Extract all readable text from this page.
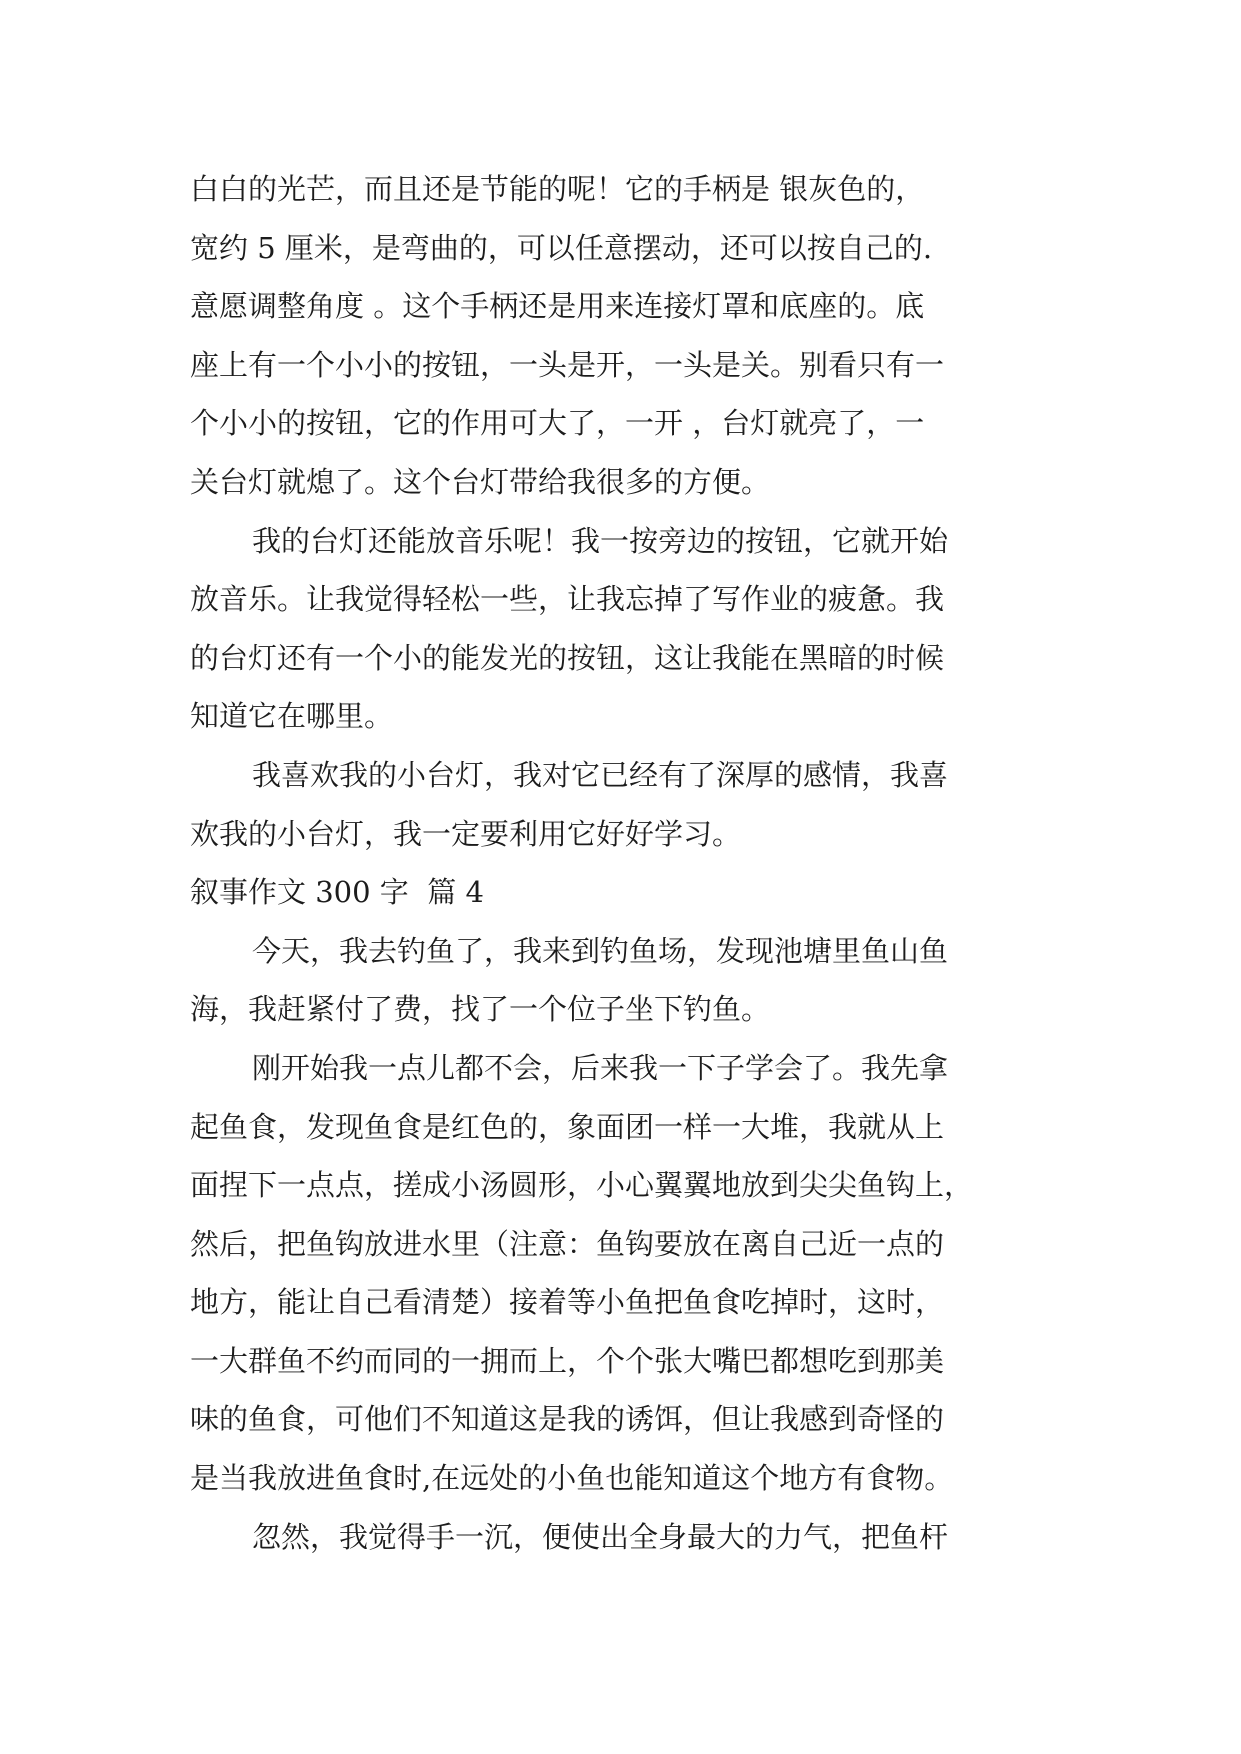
白白的光芒，而且还是节能的呢！它的手柄是 银灰色的，
宽约 5 厘米，是弯曲的，可以任意摆动，还可以按自己的.
意愿调整角度 。这个手柄还是用来连接灯罩和底座的。底
座上有一个小小的按钮，一头是开，一头是关。别看只有一
个小小的按钮，它的作用可大了，一开 ，台灯就亮了，一
关台灯就熄了。这个台灯带给我很多的方便。
我的台灯还能放音乐呢！我一按旁边的按钮，它就开始
放音乐。让我觉得轻松一些，让我忘掉了写作业的疲惫。我
的台灯还有一个小的能发光的按钮，这让我能在黑暗的时候
知道它在哪里。
我喜欢我的小台灯，我对它已经有了深厚的感情，我喜
欢我的小台灯，我一定要利用它好好学习。
叙事作文 300 字  篇 4
今天，我去钓鱼了，我来到钓鱼场，发现池塘里鱼山鱼
海，我赶紧付了费，找了一个位子坐下钓鱼。
刚开始我一点儿都不会，后来我一下子学会了。我先拿
起鱼食，发现鱼食是红色的，象面团一样一大堆，我就从上
面捏下一点点，搓成小汤圆形，小心翼翼地放到尖尖鱼钩上，
然后，把鱼钩放进水里（注意：鱼钩要放在离自己近一点的
地方，能让自己看清楚）接着等小鱼把鱼食吃掉时，这时，
一大群鱼不约而同的一拥而上，个个张大嘴巴都想吃到那美
味的鱼食，可他们不知道这是我的诱饵，但让我感到奇怪的
是当我放进鱼食时,在远处的小鱼也能知道这个地方有食物。
忽然，我觉得手一沉，便使出全身最大的力气，把鱼杆
